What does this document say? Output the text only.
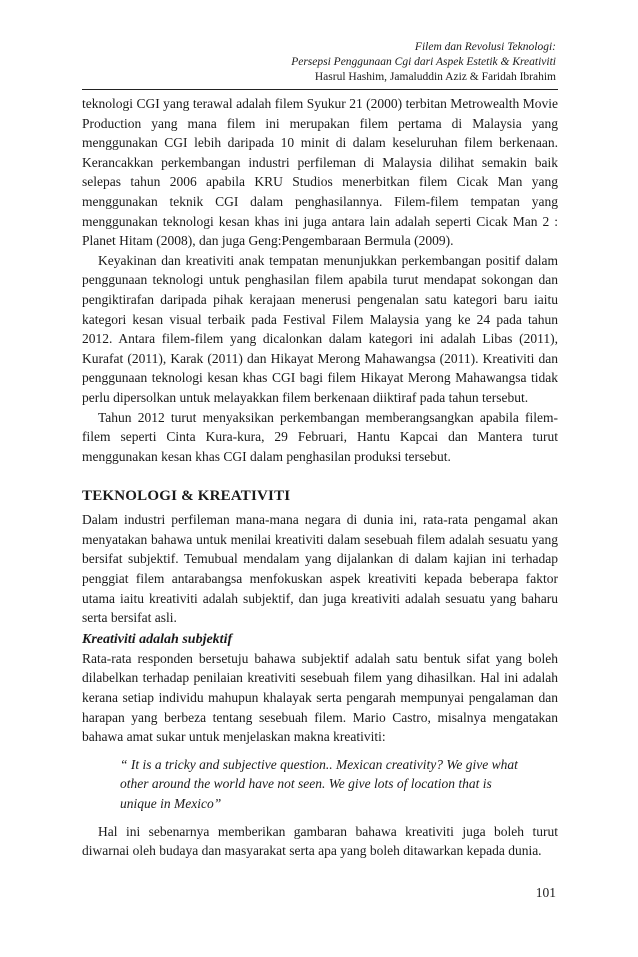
Filem dan Revolusi Teknologi:
Persepsi Penggunaan Cgi dari Aspek Estetik & Kreativiti
Hasrul Hashim, Jamaluddin Aziz & Faridah Ibrahim

teknologi CGI yang terawal adalah filem Syukur 21 (2000) terbitan Metrowealth Movie Production yang mana filem ini merupakan filem pertama di Malaysia yang menggunakan CGI lebih daripada 10 minit di dalam keseluruhan filem berkenaan. Kerancakkan perkembangan industri perfileman di Malaysia dilihat semakin baik selepas tahun 2006 apabila KRU Studios menerbitkan filem Cicak Man yang menggunakan teknik CGI dalam penghasilannya. Filem-filem tempatan yang menggunakan teknologi kesan khas ini juga antara lain adalah seperti Cicak Man 2 : Planet Hitam (2008), dan juga Geng:Pengembaraan Bermula (2009).

Keyakinan dan kreativiti anak tempatan menunjukkan perkembangan positif dalam penggunaan teknologi untuk penghasilan filem apabila turut mendapat sokongan dan pengiktirafan daripada pihak kerajaan menerusi pengenalan satu kategori baru iaitu kategori kesan visual terbaik pada Festival Filem Malaysia yang ke 24 pada tahun 2012. Antara filem-filem yang dicalonkan dalam kategori ini adalah Libas (2011), Kurafat (2011), Karak (2011) dan Hikayat Merong Mahawangsa (2011). Kreativiti dan penggunaan teknologi kesan khas CGI bagi filem Hikayat Merong Mahawangsa tidak perlu dipersolkan untuk melayakkan filem berkenaan diiktiraf pada tahun tersebut.

Tahun 2012 turut menyaksikan perkembangan memberangsangkan apabila filem-filem seperti Cinta Kura-kura, 29 Februari, Hantu Kapcai dan Mantera turut menggunakan kesan khas CGI dalam penghasilan produksi tersebut.

TEKNOLOGI & KREATIVITI

Dalam industri perfileman mana-mana negara di dunia ini, rata-rata pengamal akan menyatakan bahawa untuk menilai kreativiti dalam sesebuah filem adalah sesuatu yang bersifat subjektif. Temubual mendalam yang dijalankan di dalam kajian ini terhadap penggiat filem antarabangsa menfokuskan aspek kreativiti kepada beberapa faktor utama iaitu kreativiti adalah subjektif, dan juga kreativiti adalah sesuatu yang baharu serta bersifat asli.

Kreativiti adalah subjektif

Rata-rata responden bersetuju bahawa subjektif adalah satu bentuk sifat yang boleh dilabelkan terhadap penilaian kreativiti sesebuah filem yang dihasilkan. Hal ini adalah kerana setiap individu mahupun khalayak serta pengarah mempunyai pengalaman dan harapan yang berbeza tentang sesebuah filem. Mario Castro, misalnya mengatakan bahawa amat sukar untuk menjelaskan makna kreativiti:

“ It is a tricky and subjective question.. Mexican creativity? We give what other around the world have not seen. We give lots of location that is unique in Mexico”

Hal ini sebenarnya memberikan gambaran bahawa kreativiti juga boleh turut diwarnai oleh budaya dan masyarakat serta apa yang boleh ditawarkan kepada dunia.

101
